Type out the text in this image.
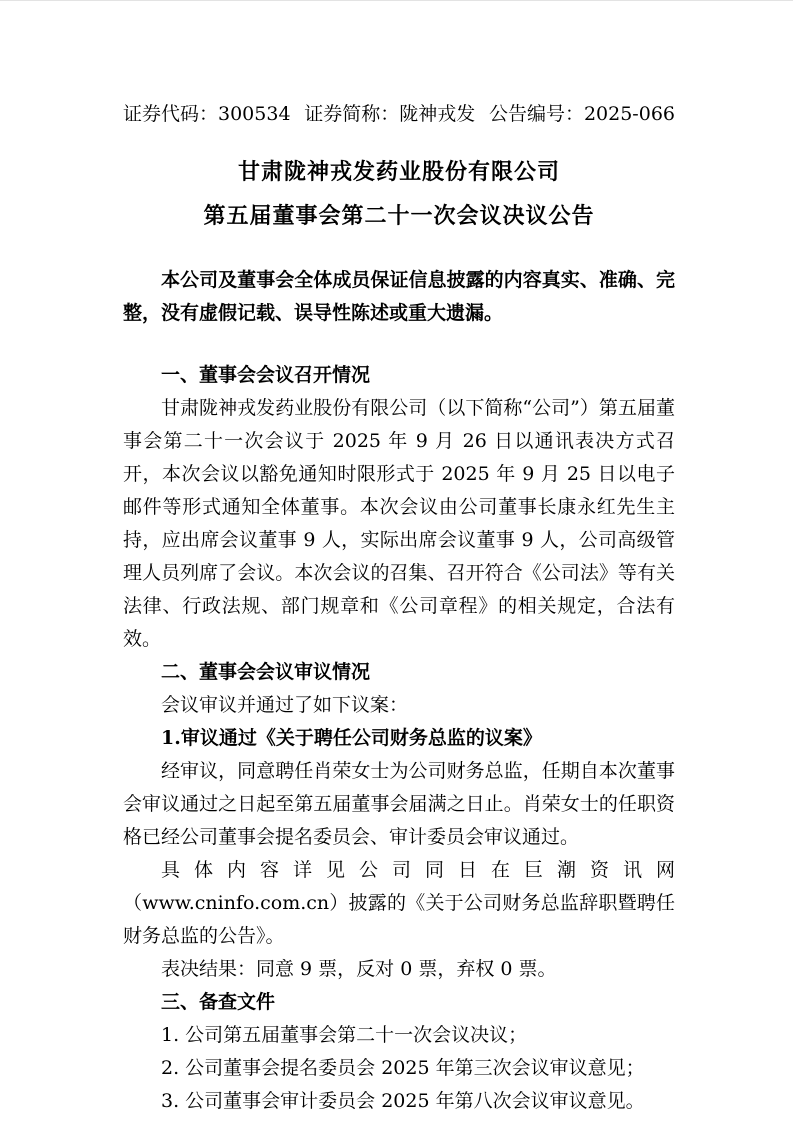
证券代码：300534 证券简称：陇神戎发 公告编号：2025-066
甘肃陇神戎发药业股份有限公司
第五届董事会第二十一次会议决议公告

本公司及董事会全体成员保证信息披露的内容真实、准确、完整，没有虚假记载、误导性陈述或重大遗漏。

一、董事会会议召开情况

甘肃陇神戎发药业股份有限公司（以下简称“公司”）第五届董事会第二十一次会议于 2025 年 9 月 26 日以通讯表决方式召开，本次会议以豁免通知时限形式于 2025 年 9 月 25 日以电子邮件等形式通知全体董事。本次会议由公司董事长康永红先生主持，应出席会议董事 9 人，实际出席会议董事 9 人，公司高级管理人员列席了会议。本次会议的召集、召开符合《公司法》等有关法律、行政法规、部门规章和《公司章程》的相关规定，合法有效。

二、董事会会议审议情况

会议审议并通过了如下议案：

1.审议通过《关于聘任公司财务总监的议案》

经审议，同意聘任肖荣女士为公司财务总监，任期自本次董事会审议通过之日起至第五届董事会届满之日止。肖荣女士的任职资格已经公司董事会提名委员会、审计委员会审议通过。

具体内容详见公司同日在巨潮资讯网（www.cninfo.com.cn）披露的《关于公司财务总监辞职暨聘任财务总监的公告》。

表决结果：同意 9 票，反对 0 票，弃权 0 票。

三、备查文件

1. 公司第五届董事会第二十一次会议决议；

2. 公司董事会提名委员会 2025 年第三次会议审议意见；

3. 公司董事会审计委员会 2025 年第八次会议审议意见。
